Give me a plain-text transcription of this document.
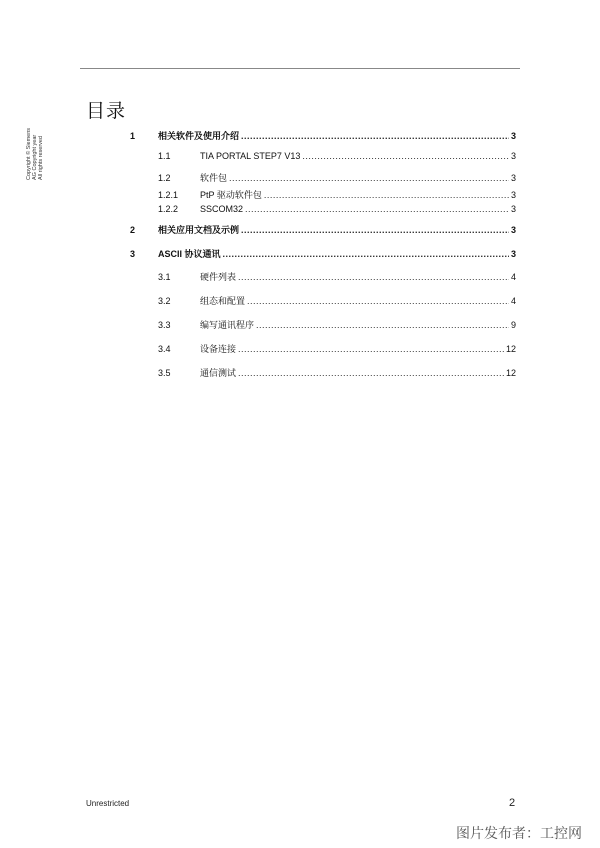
Copyright © Siemens AG Copyright year All rights reserved
目录
1	相关软件及使用介绍 .....	3
1.1	TIA PORTAL STEP7 V13 .....	3
1.2	软件包 .....	3
1.2.1 PtP 驱动软件包 .....	3
1.2.2 SSCOM32 .....	3
2	相关应用文档及示例 .....	3
3	ASCII 协议通讯 .....	3
3.1	硬件列表 .....	4
3.2	组态和配置 .....	4
3.3	编写通讯程序 .....	9
3.4	设备连接 .....	12
3.5	通信测试 .....	12
Unrestricted	2
图片发布者：工控网
